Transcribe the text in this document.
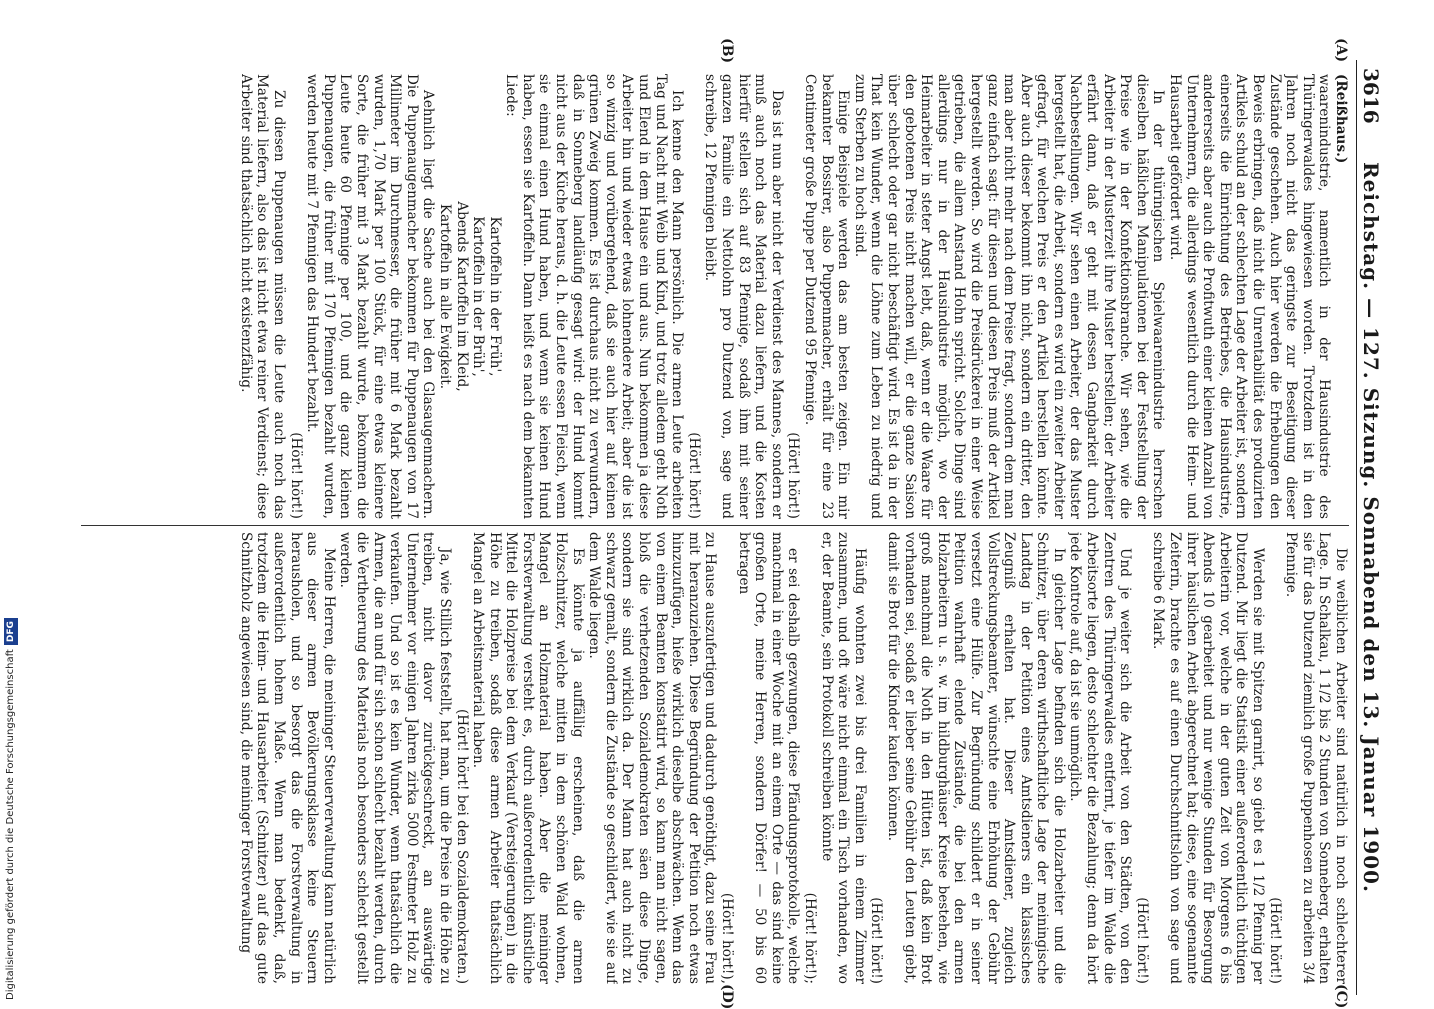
3616
Reichstag. — 127. Sitzung. Sonnabend den 13. Januar 1900.
(A)
(B)
(C)
(D)

(Reißhaus.)

waarenindustrie, namentlich in der Hausindustrie des Thüringerwaldes hingewiesen worden. Trotzdem ist in den Jahren noch nicht das geringste zur Beseitigung dieser Zustände geschehen. Auch hier werden die Erhebungen den Beweis erbringen, daß nicht die Unrentabilität des produzirten Artikels schuld an der schlechten Lage der Arbeiter ist, sondern einerseits die Einrichtung des Betriebes, die Hausindustrie, andererseits aber auch die Profitwuth einer kleinen Anzahl von Unternehmern, die allerdings wesentlich durch die Heim- und Hausarbeit gefördert wird.

In der thüringischen Spielwaarenindustrie herrschen dieselben häßlichen Manipulationen bei der Feststellung der Preise wie in der Konfektionsbranche. Wir sehen, wie die Arbeiter in der Musterzeit ihre Muster herstellen; der Arbeiter erfährt dann, daß er geht mit dessen Gangbarkeit durch Nachbestellungen. Wir sehen einen Arbeiter, der das Muster hergestellt hat, die Arbeit, sondern es wird ein zweiter Arbeiter gefragt, für welchen Preis er den Artikel herstellen könnte. Aber auch dieser bekommt ihn nicht, sondern ein dritter, den man aber nicht mehr nach dem Preise fragt, sondern dem man ganz einfach sagt: für diesen und diesen Preis muß der Artikel hergestellt werden. So wird die Preisdrückerei in einer Weise getrieben, die allem Anstand Hohn spricht. Solche Dinge sind allerdings nur in der Hausindustrie möglich, wo der Heimarbeiter in steter Angst lebt, daß, wenn er die Waare für den gebotenen Preis nicht machen will, er die ganze Saison über schlecht oder gar nicht beschäftigt wird. Es ist da in der That kein Wunder, wenn die Löhne zum Leben zu niedrig und zum Sterben zu hoch sind.

Einige Beispiele werden das am besten zeigen. Ein mir bekannter Bossirer, also Puppenmacher, erhält für eine 23 Centimeter große Puppe per Dutzend 95 Pfennige.

(Hört! hört!)

Das ist nun aber nicht der Verdienst des Mannes, sondern er muß auch noch das Material dazu liefern, und die Kosten hierfür stellen sich auf 83 Pfennige, sodaß ihm mit seiner ganzen Familie ein Nettolohn pro Dutzend von, sage und schreibe, 12 Pfennigen bleibt.

(Hört! hört!)

Ich kenne den Mann persönlich. Die armen Leute arbeiten Tag und Nacht mit Weib und Kind, und trotz alledem geht Noth und Elend in dem Hause ein und aus. Nun bekommen ja diese Arbeiter hin und wieder etwas lohnendere Arbeit; aber die ist so winzig und vorübergehend, daß sie auch hier auf keinen grünen Zweig kommen. Es ist durchaus nicht zu verwundern, daß in Sonneberg landläufig gesagt wird: der Hund kommt nicht aus der Küche heraus, d. h. die Leute essen Fleisch, wenn sie einmal einen Hund haben, und wenn sie keinen Hund haben, essen sie Kartoffeln. Dann heißt es nach dem bekannten Liede:

Kartoffeln in der Früh',

Kartoffeln in der Brüh',

Abends Kartoffeln im Kleid,

Kartoffeln in alle Ewigkeit.

Aehnlich liegt die Sache auch bei den Glasaugenmachern. Die Puppenaugenmacher bekommen für Puppenaugen von 17 Millimeter im Durchmesser, die früher mit 6 Mark bezahlt wurden, 1,70 Mark per 100 Stück, für eine etwas kleinere Sorte, die früher mit 3 Mark bezahlt wurde, bekommen die Leute heute 60 Pfennige per 100, und die ganz kleinen Puppenaugen, die früher mit 170 Pfennigen bezahlt wurden, werden heute mit 7 Pfennigen das Hundert bezahlt.

(Hört! hört!)

Zu diesen Puppenaugen müssen die Leute auch noch das Material liefern, also das ist nicht etwa reiner Verdienst; diese Arbeiter sind thatsächlich nicht existenzfähig.

Die weiblichen Arbeiter sind natürlich in noch schlechterer Lage. In Schalkau, 1 1/2 bis 2 Stunden von Sonneberg, erhalten sie für das Dutzend ziemlich große Puppenhosen zu arbeiten 3/4 Pfennige.

(Hört! hört!)

Werden sie mit Spitzen garnirt, so giebt es 1 1/2 Pfennig per Dutzend. Mir liegt die Statistik einer außerordentlich tüchtigen Arbeiterin vor, welche in der guten Zeit von Morgens 6 bis Abends 10 gearbeitet und nur wenige Stunden für Besorgung ihrer häuslichen Arbeit abgerechnet hat; diese, eine sogenannte Zeiterin, brachte es auf einen Durchschnittslohn von sage und schreibe 6 Mark.

(Hört! hört!)

Und je weiter sich die Arbeit von den Städten, von den Zentren des Thüringerwaldes entfernt, je tiefer im Walde die Arbeitsorte liegen, desto schlechter die Bezahlung; denn da hört jede Kontrole auf, da ist sie unmöglich.

In gleicher Lage befinden sich die Holzarbeiter und die Schnitzer, über deren wirthschaftliche Lage der meiningische Landtag in der Petition eines Amtsdieners ein klassisches Zeugniß erhalten hat. Dieser Amtsdiener, zugleich Vollstreckungsbeamter, wünschte eine Erhöhung der Gebühr versetzt eine Hülfe. Zur Begründung schildert er in seiner Petition wahrhaft elende Zustände, die bei den armen Holzarbeitern u. s. w. im hildburghäuser Kreise bestehen, wie groß manchmal die Noth in den Hütten ist, daß kein Brot vorhanden sei, sodaß er lieber seine Gebühr den Leuten giebt, damit sie Brot für die Kinder kaufen können.

(Hört! hört!)

Häufig wohnten zwei bis drei Familien in einem Zimmer zusammen, und oft wäre nicht einmal ein Tisch vorhanden, wo er, der Beamte, sein Protokoll schreiben könnte

(Hört! hört!);

er sei deshalb gezwungen, diese Pfändungsprotokolle, welche manchmal in einer Woche mit an einem Orte — das sind keine großen Orte, meine Herren, sondern Dörfer! — 50 bis 60 betragen

(Hört! hört!),

zu Hause auszufertigen und dadurch genöthigt, dazu seine Frau mit heranzuziehen. Diese Begründung der Petition noch etwas hinzuzufügen, hieße wirklich dieselbe abschwächen. Wenn das von einem Beamten konstatirt wird, so kann man nicht sagen, bloß die verhetzenden Sozialdemokraten säen diese Dinge, sondern sie sind wirklich da. Der Mann hat auch nicht zu schwarz gemalt, sondern die Zustände so geschildert, wie sie auf dem Walde liegen.

Es könnte ja auffällig erscheinen, daß die armen Holzschnitzer, welche mitten in dem schönen Wald wohnen, Mangel an Holzmaterial haben. Aber die meininger Forstverwaltung versteht es, durch außerordentlich künstliche Mittel die Holzpreise bei dem Verkauf (Versteigerungen) in die Höhe zu treiben, sodaß diese armen Arbeiter thatsächlich Mangel an Arbeitsmaterial haben.

(Hört! hört! bei den Sozialdemokraten.)

Ja, wie Stillich feststellt, hat man, um die Preise in die Höhe zu treiben, nicht davor zurückgeschreckt, an auswärtige Unternehmer vor einigen Jahren zirka 5000 Festmeter Holz zu verkaufen. Und so ist es kein Wunder, wenn thatsächlich die Armen, die an und für sich schon schlecht bezahlt werden, durch die Vertheuerung des Materials noch besonders schlecht gestellt werden.

Meine Herren, die meininger Steuerverwaltung kann natürlich aus dieser armen Bevölkerungsklasse keine Steuern herausholen, und so besorgt das die Forstverwaltung in außerordentlich hohem Maße. Wenn man bedenkt, daß, trotzdem die Heim- und Hausarbeiter (Schnitzer) auf das gute Schnitzholz angewiesen sind, die meininger Forstverwaltung

Digitalisierung gefördert durch die Deutsche ForschungsgemeinschaftDFG
